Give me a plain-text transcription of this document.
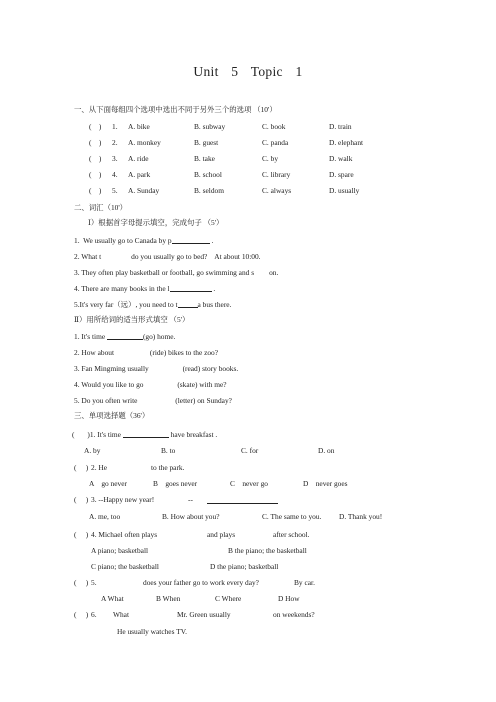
Unit 5 Topic 1
一、从下面每组四个选项中选出不同于另外三个的选项 （10'）
(    ) 1. A. bike	B. subway	C. book	D. train
(    ) 2. A. monkey	B. guest	C. panda	D. elephant
(    ) 3. A. ride	B. take	C. by	D. walk
(    ) 4. A. park	B. school	C. library	D. spare
(    ) 5. A. Sunday	B. seldom	C. always	D. usually
二、词汇（10'）
Ⅰ）根据首字母提示填空，完成句子 （5'）
1.  We usually go to Canada by p	.
2. What t	do you usually go to bed?    At about 10:00.
3. They often play basketball or football, go swimming and s on.
4. There are many books in the l	.
5.It's very far（远）, you need to t	a bus there.
Ⅱ）用所给词的适当形式填空 （5'）
1. It's time	(go) home.
2. How about	(ride) bikes to the zoo?
3. Fan Mingming usually	(read) story books.
4. Would you like to go	(skate) with me?
5. Do you often write	(letter) on Sunday?
三、单项选择题（36'）
(       )1. It's time	have breakfast .
A. by	B. to	C. for	D. on
(     ) 2. He	to the park.
A    go never	B    goes never	C    never go	D    never goes
(     ) 3. --Happy new year!	--
A. me, too	B. How about you?	C. The same to you. D. Thank you!
(     ) 4. Michael often plays	and plays	after school.
A piano; basketball	B the piano; the basketball
C piano; the basketball	D the piano; basketball
(     ) 5.	does your father go to work every day?	By car.
A What	B When	C Where	D How
(     ) 6. What	Mr. Green usually	on weekends?
He usually watches TV.
